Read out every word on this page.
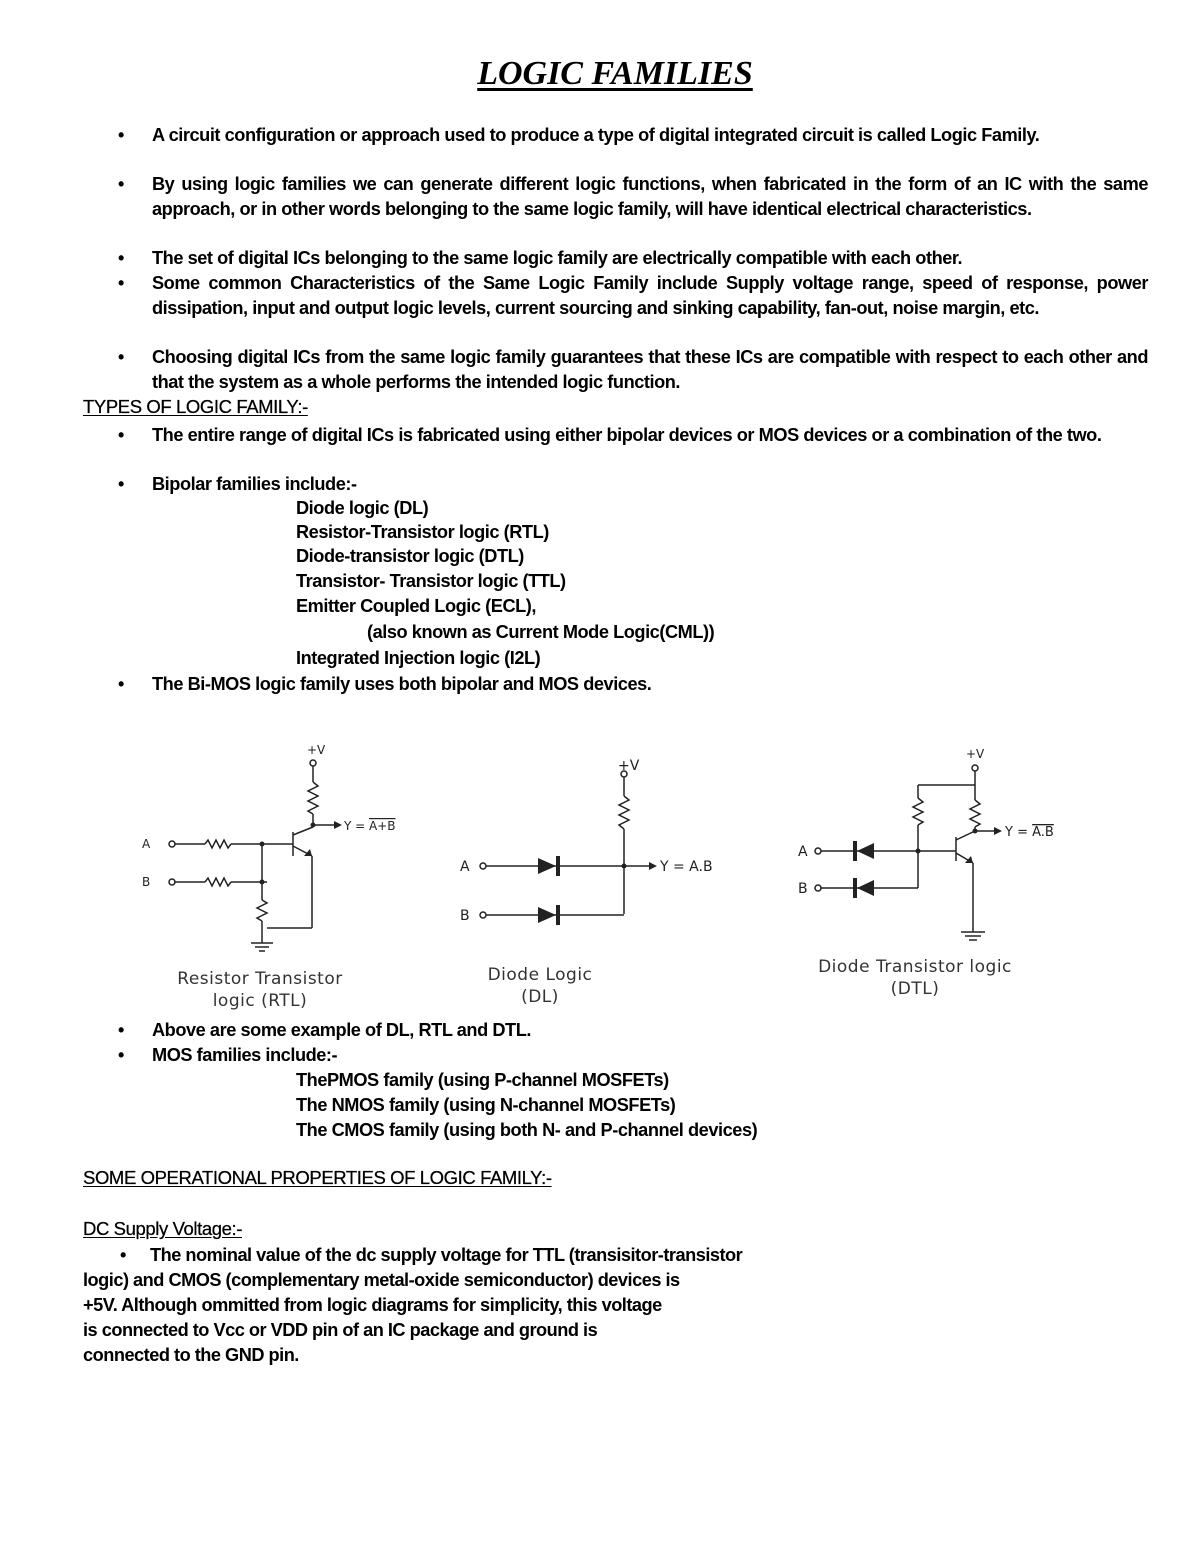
LOGIC FAMILIES
• A circuit configuration or approach used to produce a type of digital integrated circuit is called Logic Family.
• By using logic families we can generate different logic functions, when fabricated in the form of an IC with the same approach, or in other words belonging to the same logic family, will have identical electrical characteristics.
• The set of digital ICs belonging to the same logic family are electrically compatible with each other.
• Some common Characteristics of the Same Logic Family include Supply voltage range, speed of response, power dissipation, input and output logic levels, current sourcing and sinking capability, fan-out, noise margin, etc.
• Choosing digital ICs from the same logic family guarantees that these ICs are compatible with respect to each other and that the system as a whole performs the intended logic function.
TYPES OF LOGIC FAMILY:-
• The entire range of digital ICs is fabricated using either bipolar devices or MOS devices or a combination of the two.
• Bipolar families include:-
Diode logic (DL)
Resistor-Transistor logic (RTL)
Diode-transistor logic (DTL)
Transistor- Transistor logic (TTL)
Emitter Coupled Logic (ECL),
(also known as Current Mode Logic(CML))
Integrated Injection logic (I2L)
• The Bi-MOS logic family uses both bipolar and MOS devices.
+V
Y = A+B
A
B
Resistor Transistor
logic (RTL)
+V
Y = A.B
A
B
Diode Logic
(DL)
+V
Y = A.B
A
B
Diode Transistor logic
(DTL)
• Above are some example of DL, RTL and DTL.
• MOS families include:-
ThePMOS family (using P-channel MOSFETs)
The NMOS family (using N-channel MOSFETs)
The CMOS family (using both N- and P-channel devices)
SOME OPERATIONAL PROPERTIES OF LOGIC FAMILY:-
DC Supply Voltage:-
• The nominal value of the dc supply voltage for TTL (transisitor-transistor
logic) and CMOS (complementary metal-oxide semiconductor) devices is
+5V. Although ommitted from logic diagrams for simplicity, this voltage
is connected to Vcc or VDD pin of an IC package and ground is
connected to the GND pin.
